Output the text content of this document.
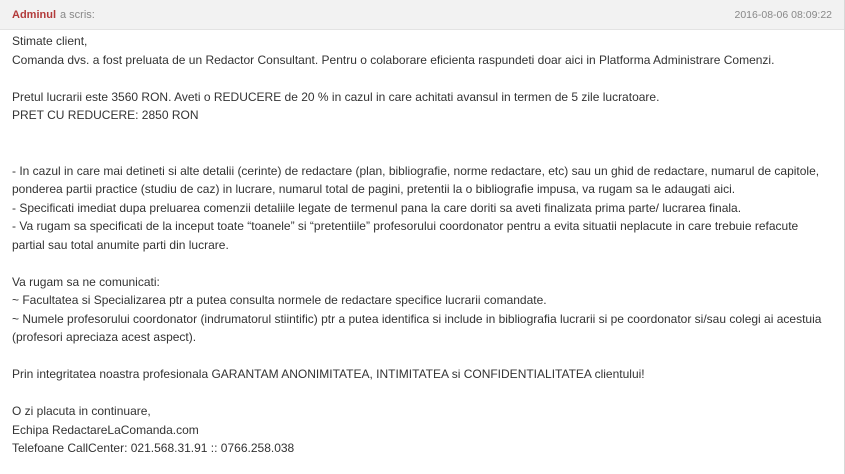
Adminul a scris:	2016-08-06 08:09:22

Stimate client,

Comanda dvs. a fost preluata de un Redactor Consultant. Pentru o colaborare eficienta raspundeti doar aici in Platforma Administrare Comenzi.

Pretul lucrarii este 3560 RON. Aveti o REDUCERE de 20 % in cazul in care achitati avansul in termen de 5 zile lucratoare.

PRET CU REDUCERE: 2850 RON

- In cazul in care mai detineti si alte detalii (cerinte) de redactare (plan, bibliografie, norme redactare, etc) sau un ghid de redactare, numarul de capitole, ponderea partii practice (studiu de caz) in lucrare, numarul total de pagini, pretentii la o bibliografie impusa, va rugam sa le adaugati aici.

- Specificati imediat dupa preluarea comenzii detaliile legate de termenul pana la care doriti sa aveti finalizata prima parte/ lucrarea finala.

- Va rugam sa specificati de la inceput toate “toanele” si “pretentiile” profesorului coordonator pentru a evita situatii neplacute in care trebuie refacute partial sau total anumite parti din lucrare.

Va rugam sa ne comunicati:

~ Facultatea si Specializarea ptr a putea consulta normele de redactare specifice lucrarii comandate.

~ Numele profesorului coordonator (indrumatorul stiintific) ptr a putea identifica si include in bibliografia lucrarii si pe coordonator si/sau colegi ai acestuia (profesori apreciaza acest aspect).

Prin integritatea noastra profesionala GARANTAM ANONIMITATEA, INTIMITATEA si CONFIDENTIALITATEA clientului!

O zi placuta in continuare,

Echipa RedactareLaComanda.com

Telefoane CallCenter: 021.568.31.91 :: 0766.258.038
